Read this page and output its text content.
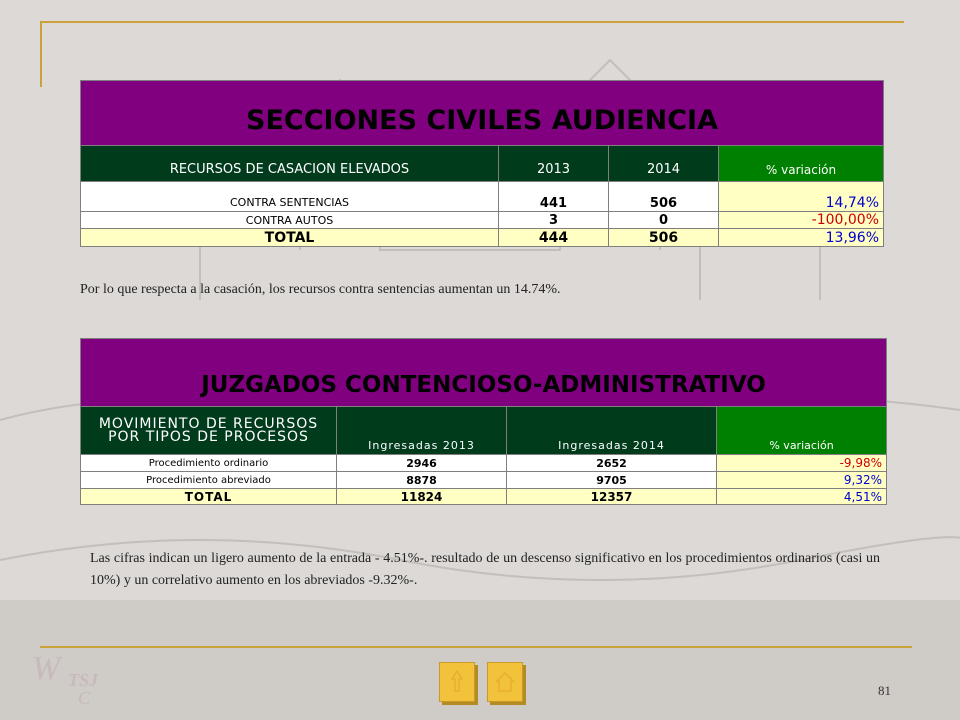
SECCIONES CIVILES AUDIENCIA			
RECURSOS DE CASACION ELEVADOS	2013	2014	% variación
CONTRA SENTENCIAS	441	506	14,74%
CONTRA AUTOS	3	0	-100,00%
TOTAL	444	506	13,96%
Por lo que respecta a la casación, los recursos contra sentencias aumentan un 14.74%.
JUZGADOS CONTENCIOSO-ADMINISTRATIVO			
MOVIMIENTO DE RECURSOS POR TIPOS DE PROCESOS	Ingresadas 2013	Ingresadas 2014	% variación
Procedimiento ordinario	2946	2652	-9,98%
Procedimiento abreviado	8878	9705	9,32%
TOTAL	11824	12357	4,51%
Las cifras indican un ligero aumento de la entrada - 4.51%-. resultado de un descenso significativo en los procedimientos ordinarios (casi un 10%) y un correlativo aumento en los abreviados -9.32%-.
W TSJ
C	81
